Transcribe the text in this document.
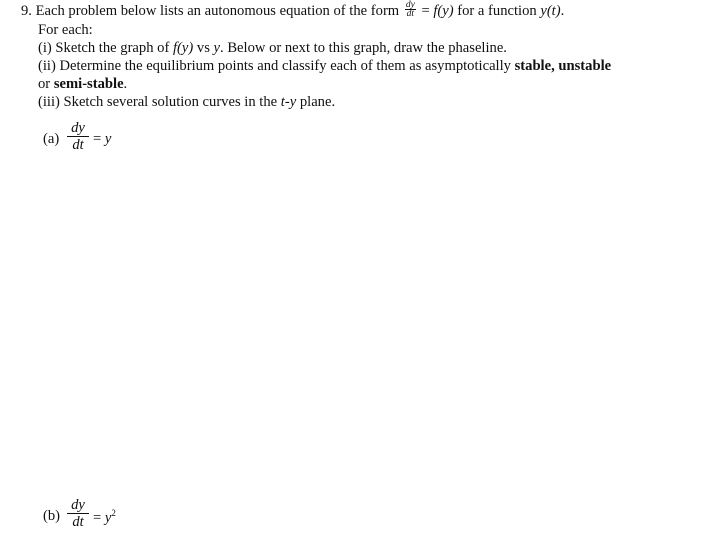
9. Each problem below lists an autonomous equation of the form $\frac{dy}{dt} = f(y)$ for a function y(t).
For each:
(i) Sketch the graph of f(y) vs y. Below or next to this graph, draw the phaseline.
(ii) Determine the equilibrium points and classify each of them as asymptotically stable, unstable
or semi-stable.
(iii) Sketch several solution curves in the t-y plane.
(a)
dy
dt = y
(b)
dy
dt = $y^2$
